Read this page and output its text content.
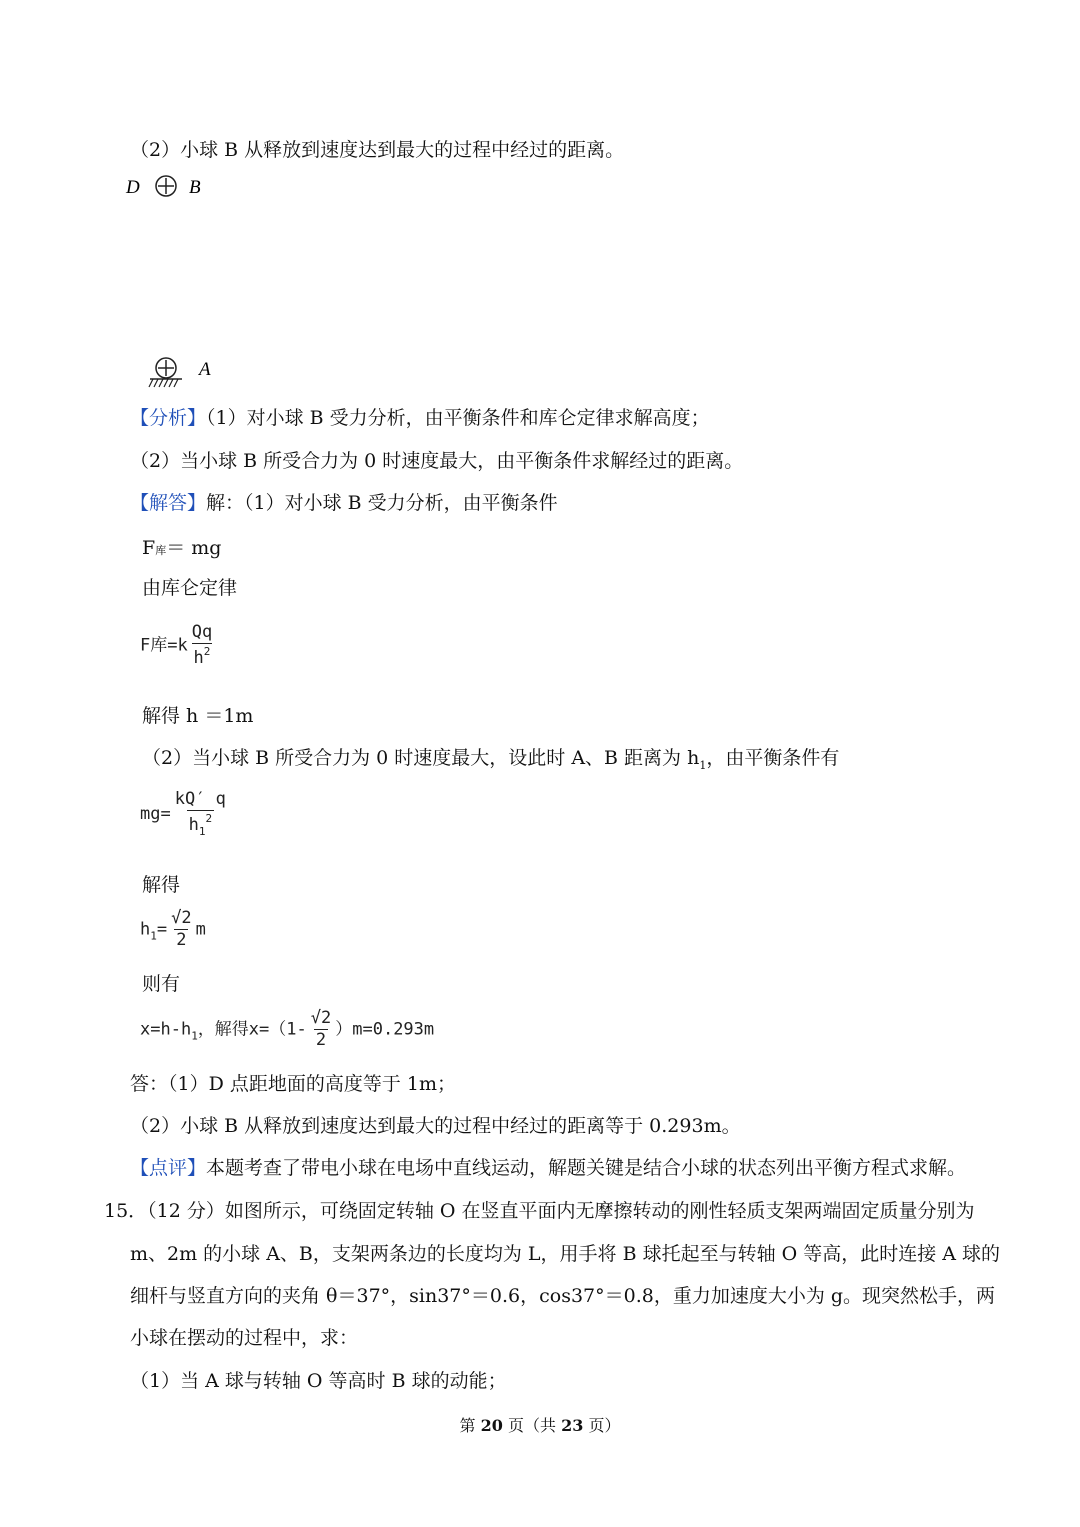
（2）小球 B 从释放到速度达到最大的过程中经过的距离。
D	B
A
【分析】（1）对小球 B 受力分析，由平衡条件和库仑定律求解高度；
（2）当小球 B 所受合力为 0 时速度最大，由平衡条件求解经过的距离。
【解答】解：（1）对小球 B 受力分析，由平衡条件
F库＝ mg
由库仑定律
F库$=k \frac{Qq}{h^2}$
解得 h ＝1m
（2）当小球 B 所受合力为 0 时速度最大，设此时 A、B 距离为 $h_1$，由平衡条件有
$mg= \frac{kQ' q}{h_1^2}$
解得
$h_1= \frac{√2}{2}$ m
则有
$x=h-h_1$，解得$x=(1- \frac{√2}{2} )m=0.293m$
答：（1）D 点距地面的高度等于 1m；
（2）小球 B 从释放到速度达到最大的过程中经过的距离等于 0.293m。
【点评】本题考查了带电小球在电场中直线运动，解题关键是结合小球的状态列出平衡方程式求解。
15．（12 分）如图所示，可绕固定转轴 O 在竖直平面内无摩擦转动的刚性轻质支架两端固定质量分别为
m、2m 的小球 A、B，支架两条边的长度均为 L，用手将 B 球托起至与转轴 O 等高，此时连接 A 球的
细杆与竖直方向的夹角 θ＝37°，sin37°＝0.6，cos37°＝0.8，重力加速度大小为 g。现突然松手，两
小球在摆动的过程中，求：
（1）当 A 球与转轴 O 等高时 B 球的动能；
第 20 页（共 23 页）
